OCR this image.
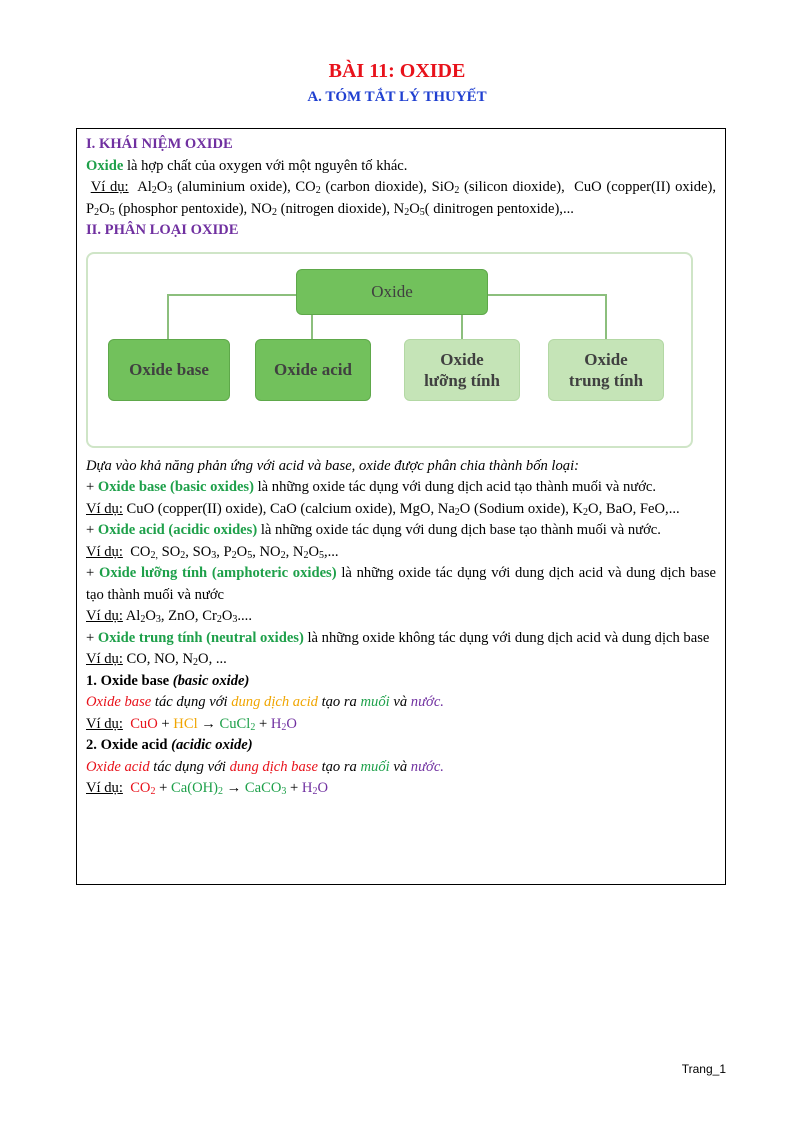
BÀI 11: OXIDE
A. TÓM TẮT LÝ THUYẾT

I. KHÁI NIỆM OXIDE

Oxide là hợp chất của oxygen với một nguyên tố khác.

Ví dụ:  $Al_2O_3$ (aluminium oxide), $CO_2$ (carbon dioxide), SiO$_2$ (silicon dioxide),  CuO (copper(II) oxide), $P_2O_5$ (phosphor pentoxide), $NO_2$ (nitrogen dioxide), $N_2O_5$( dinitrogen pentoxide),...

II. PHÂN LOẠI OXIDE

Oxide
Oxide base	Oxide acid
Oxide
lưỡng tính
Oxide
trung tính

Dựa vào khả năng phản ứng với acid và base, oxide được phân chia thành bốn loại:

+ Oxide base (basic oxides) là những oxide tác dụng với dung dịch acid tạo thành muối và nước.

Ví dụ: CuO (copper(II) oxide), CaO (calcium oxide), MgO, $Na_2O$ (Sodium oxide), $K_2O$, BaO, FeO,...

+ Oxide acid (acidic oxides) là những oxide tác dụng với dung dịch base tạo thành muối và nước.

Ví dụ:  $CO_{2,}$ $SO_2$, $SO_3$, $P_2O_5$, $NO_2$, $N_2O_5$,...

+ Oxide lưỡng tính (amphoteric oxides) là những oxide tác dụng với dung dịch acid và dung dịch base tạo thành muối và nước

Ví dụ: $Al_2O_3$, ZnO, $Cr_2O_3$....

+ Oxide trung tính (neutral oxides) là những oxide không tác dụng với dung dịch acid và dung dịch base

Ví dụ: CO, NO, $N_2O$, ...

1. Oxide base (basic oxide)

Oxide base tác dụng với dung dịch acid tạo ra muối và nước.

Ví dụ: CuO + HCl → CuCl$_2$ + $H_2O$

2. Oxide acid (acidic oxide)

Oxide acid tác dụng với dung dịch base tạo ra muối và nước.

Ví dụ: $CO_2 + Ca(OH)_2$ → CaCO$_3$ + $H_2O$

Trang_1
